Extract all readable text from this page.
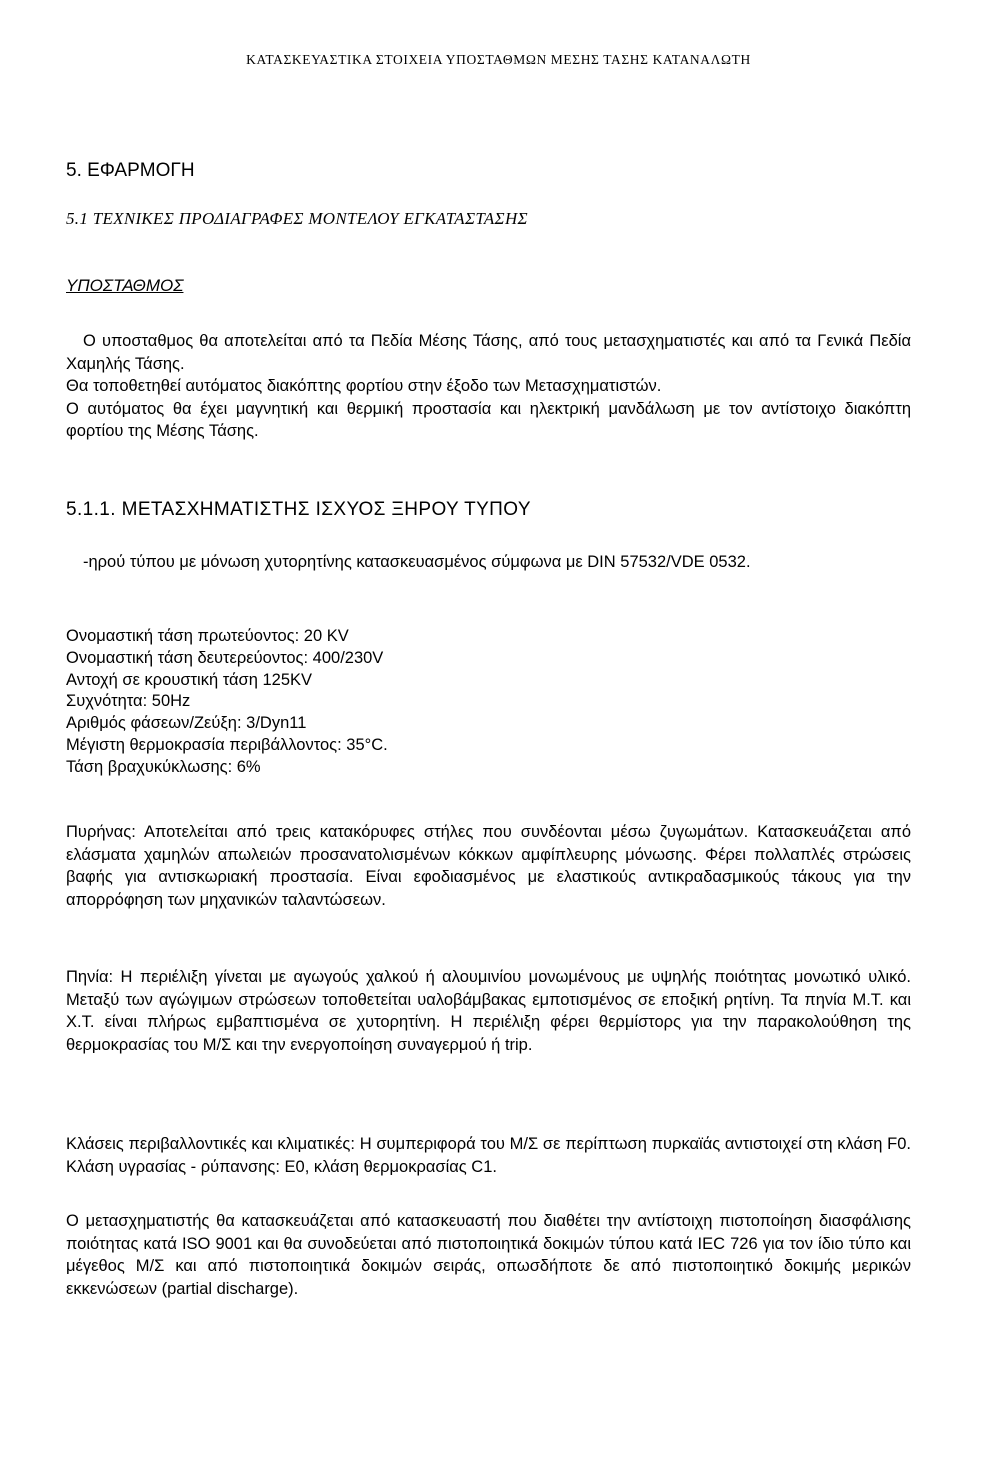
ΚΑΤΑΣΚΕΥΑΣΤΙΚΑ ΣΤΟΙΧΕΙΑ ΥΠΟΣΤΑΘΜΩΝ ΜΕΣΗΣ ΤΑΣΗΣ ΚΑΤΑΝΑΛΩΤΗ
5. ΕΦΑΡΜΟΓΗ
5.1 ΤΕΧΝΙΚΕΣ ΠΡΟΔΙΑΓΡΑΦΕΣ ΜΟΝΤΕΛΟΥ ΕΓΚΑΤΑΣΤΑΣΗΣ
ΥΠΟΣΤΑΘΜΟΣ

Ο υποσταθμος θα αποτελείται από τα Πεδία Μέσης Τάσης, από τους μετασχηματιστές και από τα Γενικά Πεδία Χαμηλής Τάσης.

Θα τοποθετηθεί αυτόματος διακόπτης φορτίου στην έξοδο των Μετασχηματιστών.

Ο αυτόματος θα έχει μαγνητική και θερμική προστασία και ηλεκτρική μανδάλωση με τον αντίστοιχο διακόπτη φορτίου της Μέσης Τάσης.

5.1.1. ΜΕΤΑΣΧΗΜΑΤΙΣΤΗΣ ΙΣΧΥΟΣ ΞΗΡΟΥ ΤΥΠΟΥ

-ηρού τύπου με μόνωση χυτορητίνης κατασκευασμένος σύμφωνα με DIN 57532/VDE 0532.

Ονομαστική τάση πρωτεύοντος: 20 KV
Ονομαστική τάση δευτερεύοντος: 400/230V
Αντοχή σε κρουστική τάση 125KV
Συχνότητα: 50Hz
Αριθμός φάσεων/Ζεύξη: 3/Dyn11
Μέγιστη θερμοκρασία περιβάλλοντος: 35°C.
Τάση βραχυκύκλωσης: 6%

Πυρήνας: Αποτελείται από τρεις κατακόρυφες στήλες που συνδέονται μέσω ζυγωμάτων. Κατασκευάζεται από ελάσματα χαμηλών απωλειών προσανατολισμένων κόκκων αμφίπλευρης μόνωσης. Φέρει πολλαπλές στρώσεις βαφής για αντισκωριακή προστασία. Είναι εφοδιασμένος με ελαστικούς αντικραδασμικούς τάκους για την απορρόφηση των μηχανικών ταλαντώσεων.

Πηνία: Η περιέλιξη γίνεται με αγωγούς χαλκού ή αλουμινίου μονωμένους με υψηλής ποιότητας μονωτικό υλικό. Μεταξύ των αγώγιμων στρώσεων τοποθετείται υαλοβάμβακας εμποτισμένος σε εποξική ρητίνη. Τα πηνία Μ.Τ. και Χ.Τ. είναι πλήρως εμβαπτισμένα σε χυτορητίνη. Η περιέλιξη φέρει θερμίστορς για την παρακολούθηση της θερμοκρασίας του Μ/Σ και την ενεργοποίηση συναγερμού ή trip.

Κλάσεις περιβαλλοντικές και κλιματικές: Η συμπεριφορά του Μ/Σ σε περίπτωση πυρκαϊάς αντιστοιχεί στη κλάση F0. Κλάση υγρασίας - ρύπανσης: Ε0, κλάση θερμοκρασίας C1.

Ο μετασχηματιστής θα κατασκευάζεται από κατασκευαστή που διαθέτει την αντίστοιχη πιστοποίηση διασφάλισης ποιότητας κατά ISO 9001 και θα συνοδεύεται από πιστοποιητικά δοκιμών τύπου κατά IEC 726 για τον ίδιο τύπο και μέγεθος Μ/Σ και από πιστοποιητικά δοκιμών σειράς, οπωσδήποτε δε από πιστοποιητικό δοκιμής μερικών εκκενώσεων (partial discharge).
